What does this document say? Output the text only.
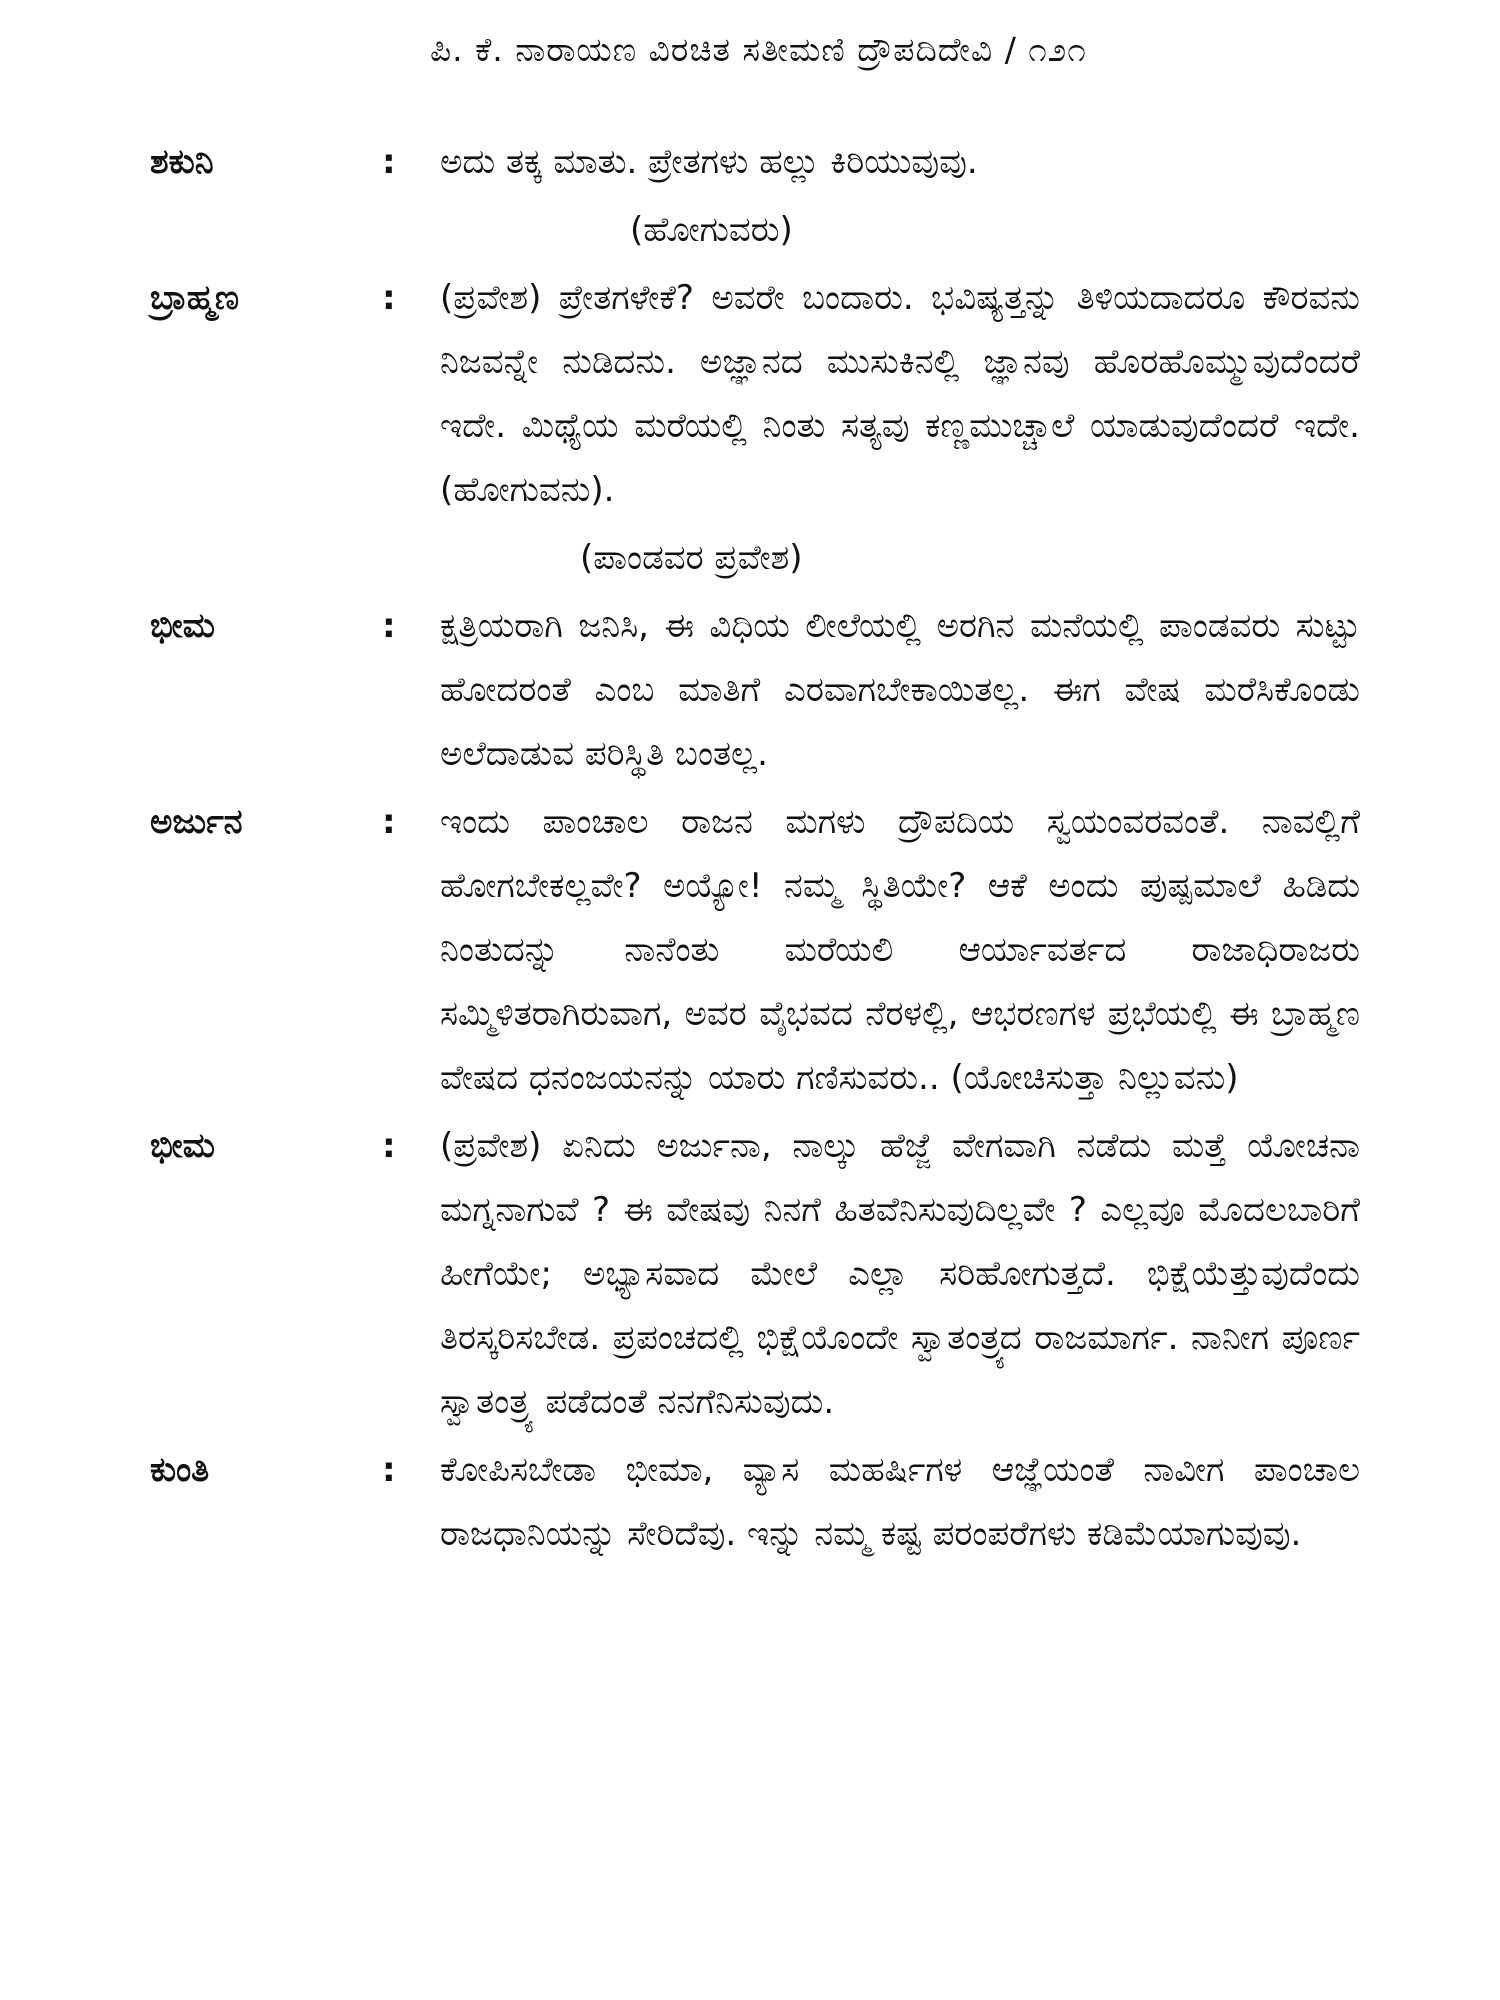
ಪಿ. ಕೆ. ನಾರಾಯಣ ವಿರಚಿತ ಸತೀಮಣಿ ದ್ರೌಪದಿದೇವಿ / ೧೨೧
ಶಕುನಿ	: ಅದು ತಕ್ಕ ಮಾತು. ಪ್ರೇತಗಳು ಹಲ್ಲು ಕಿರಿಯುವುವು.
(ಹೋಗುವರು)
ಬ್ರಾಹ್ಮಣ	: (ಪ್ರವೇಶ) ಪ್ರೇತಗಳೇಕೆ? ಅವರೇ ಬಂದಾರು. ಭವಿಷ್ಯತ್ತನ್ನು ತಿಳಿಯದಾದರೂ ಕೌರವನು ನಿಜವನ್ನೇ ನುಡಿದನು. ಅಜ್ಞಾನದ ಮುಸುಕಿನಲ್ಲಿ ಜ್ಞಾನವು ಹೊರಹೊಮ್ಮುವುದೆಂದರೆ ಇದೇ. ಮಿಥ್ಯೆಯ ಮರೆಯಲ್ಲಿ ನಿಂತು ಸತ್ಯವು ಕಣ್ಣಮುಚ್ಚಾಲೆ ಯಾಡುವುದೆಂದರೆ ಇದೇ. (ಹೋಗುವನು).
(ಪಾಂಡವರ ಪ್ರವೇಶ)
ಭೀಮ	: ಕ್ಷತ್ರಿಯರಾಗಿ ಜನಿಸಿ, ಈ ವಿಧಿಯ ಲೀಲೆಯಲ್ಲಿ ಅರಗಿನ ಮನೆಯಲ್ಲಿ ಪಾಂಡವರು ಸುಟ್ಟು ಹೋದರಂತೆ ಎಂಬ ಮಾತಿಗೆ ಎರವಾಗಬೇಕಾಯಿತಲ್ಲ. ಈಗ ವೇಷ ಮರೆಸಿಕೊಂಡು ಅಲೆದಾಡುವ ಪರಿಸ್ಥಿತಿ ಬಂತಲ್ಲ.
ಅರ್ಜುನ	: ಇಂದು ಪಾಂಚಾಲ ರಾಜನ ಮಗಳು ದ್ರೌಪದಿಯ ಸ್ವಯಂವರವಂತೆ. ನಾವಲ್ಲಿಗೆ ಹೋಗಬೇಕಲ್ಲವೇ? ಅಯ್ಯೋ! ನಮ್ಮ ಸ್ಥಿತಿಯೇ? ಆಕೆ ಅಂದು ಪುಷ್ಪಮಾಲೆ ಹಿಡಿದು ನಿಂತುದನ್ನು ನಾನೆಂತು ಮರೆಯಲಿ ಆರ್ಯಾವರ್ತದ ರಾಜಾಧಿರಾಜರು ಸಮ್ಮಿಳಿತರಾಗಿರುವಾಗ, ಅವರ ವೈಭವದ ನೆರಳಲ್ಲಿ, ಆಭರಣಗಳ ಪ್ರಭೆಯಲ್ಲಿ ಈ ಬ್ರಾಹ್ಮಣ ವೇಷದ ಧನಂಜಯನನ್ನು ಯಾರು ಗಣಿಸುವರು.. (ಯೋಚಿಸುತ್ತಾ ನಿಲ್ಲುವನು)
ಭೀಮ	: (ಪ್ರವೇಶ) ಏನಿದು ಅರ್ಜುನಾ, ನಾಲ್ಕು ಹೆಜ್ಜೆ ವೇಗವಾಗಿ ನಡೆದು ಮತ್ತೆ ಯೋಚನಾ ಮಗ್ನನಾಗುವೆ ? ಈ ವೇಷವು ನಿನಗೆ ಹಿತವೆನಿಸುವುದಿಲ್ಲವೇ ? ಎಲ್ಲವೂ ಮೊದಲಬಾರಿಗೆ ಹೀಗೆಯೇ; ಅಭ್ಯಾಸವಾದ ಮೇಲೆ ಎಲ್ಲಾ ಸರಿಹೋಗುತ್ತದೆ. ಭಿಕ್ಷೆಯೆತ್ತುವುದೆಂದು ತಿರಸ್ಕರಿಸಬೇಡ. ಪ್ರಪಂಚದಲ್ಲಿ ಭಿಕ್ಷೆಯೊಂದೇ ಸ್ವಾತಂತ್ರ್ಯದ ರಾಜಮಾರ್ಗ. ನಾನೀಗ ಪೂರ್ಣ ಸ್ವಾತಂತ್ರ್ಯ ಪಡೆದಂತೆ ನನಗೆನಿಸುವುದು.
ಕುಂತಿ	: ಕೋಪಿಸಬೇಡಾ ಭೀಮಾ, ವ್ಯಾಸ ಮಹರ್ಷಿಗಳ ಆಜ್ಞೆಯಂತೆ ನಾವೀಗ ಪಾಂಚಾಲ ರಾಜಧಾನಿಯನ್ನು ಸೇರಿದೆವು. ಇನ್ನು ನಮ್ಮ ಕಷ್ಟ ಪರಂಪರೆಗಳು ಕಡಿಮೆಯಾಗುವುವು.
